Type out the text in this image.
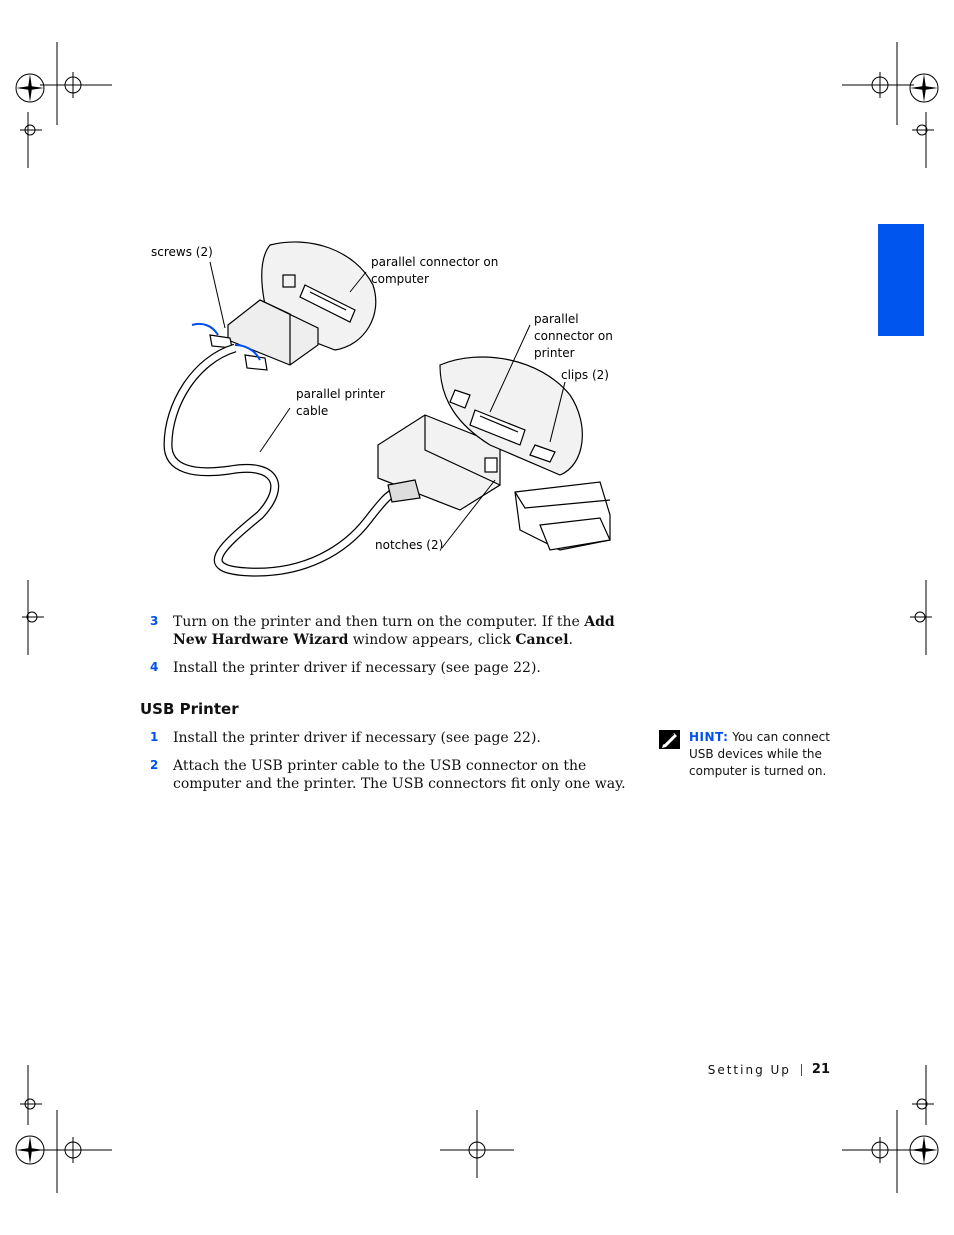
screws (2)
parallel connector on
computer
parallel
connector on
printer
clips (2)
parallel printer
cable
notches (2)
3	Turn on the printer and then turn on the computer. If the Add New Hardware Wizard window appears, click Cancel.
4	Install the printer driver if necessary (see page 22).
USB Printer
1	Install the printer driver if necessary (see page 22).
2	Attach the USB printer cable to the USB connector on the computer and the printer. The USB connectors fit only one way.
HINT: You can connect USB devices while the computer is turned on.
Setting Up 21
